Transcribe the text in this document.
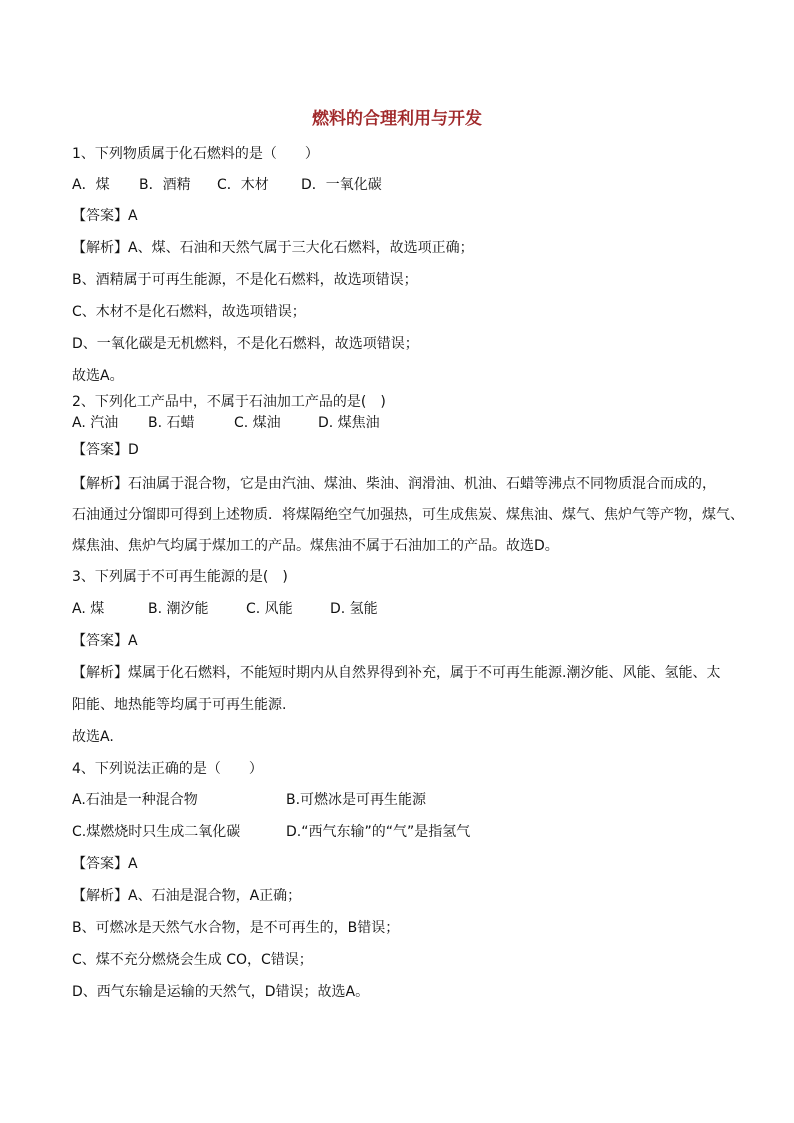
燃料的合理利用与开发
1、下列物质属于化石燃料的是（　　）
A．煤 B．酒精 C．木材 D．一氧化碳
【答案】A
【解析】A、煤、石油和天然气属于三大化石燃料，故选项正确；
B、酒精属于可再生能源，不是化石燃料，故选项错误；
C、木材不是化石燃料，故选项错误；
D、一氧化碳是无机燃料，不是化石燃料，故选项错误；
故选A。
2、下列化工产品中，不属于石油加工产品的是(　)
A. 汽油 B. 石蜡	C. 煤油	D. 煤焦油
【答案】D
【解析】石油属于混合物，它是由汽油、煤油、柴油、润滑油、机油、石蜡等沸点不同物质混合而成的，
石油通过分馏即可得到上述物质．将煤隔绝空气加强热，可生成焦炭、煤焦油、煤气、焦炉气等产物，煤气、
煤焦油、焦炉气均属于煤加工的产品。煤焦油不属于石油加工的产品。故选D。
3、下列属于不可再生能源的是(　)
A. 煤	B. 潮汐能	C. 风能	D. 氢能
【答案】A
【解析】煤属于化石燃料，不能短时期内从自然界得到补充，属于不可再生能源.潮汐能、风能、氢能、太
阳能、地热能等均属于可再生能源.
故选A.
4、下列说法正确的是（　　）
A.石油是一种混合物	B.可燃冰是可再生能源
C.煤燃烧时只生成二氧化碳	D.“西气东输”的“气”是指氢气
【答案】A
【解析】A、石油是混合物，A正确；
B、可燃冰是天然气水合物，是不可再生的，B错误；
C、煤不充分燃烧会生成 CO，C错误；
D、西气东输是运输的天然气，D错误；故选A。
